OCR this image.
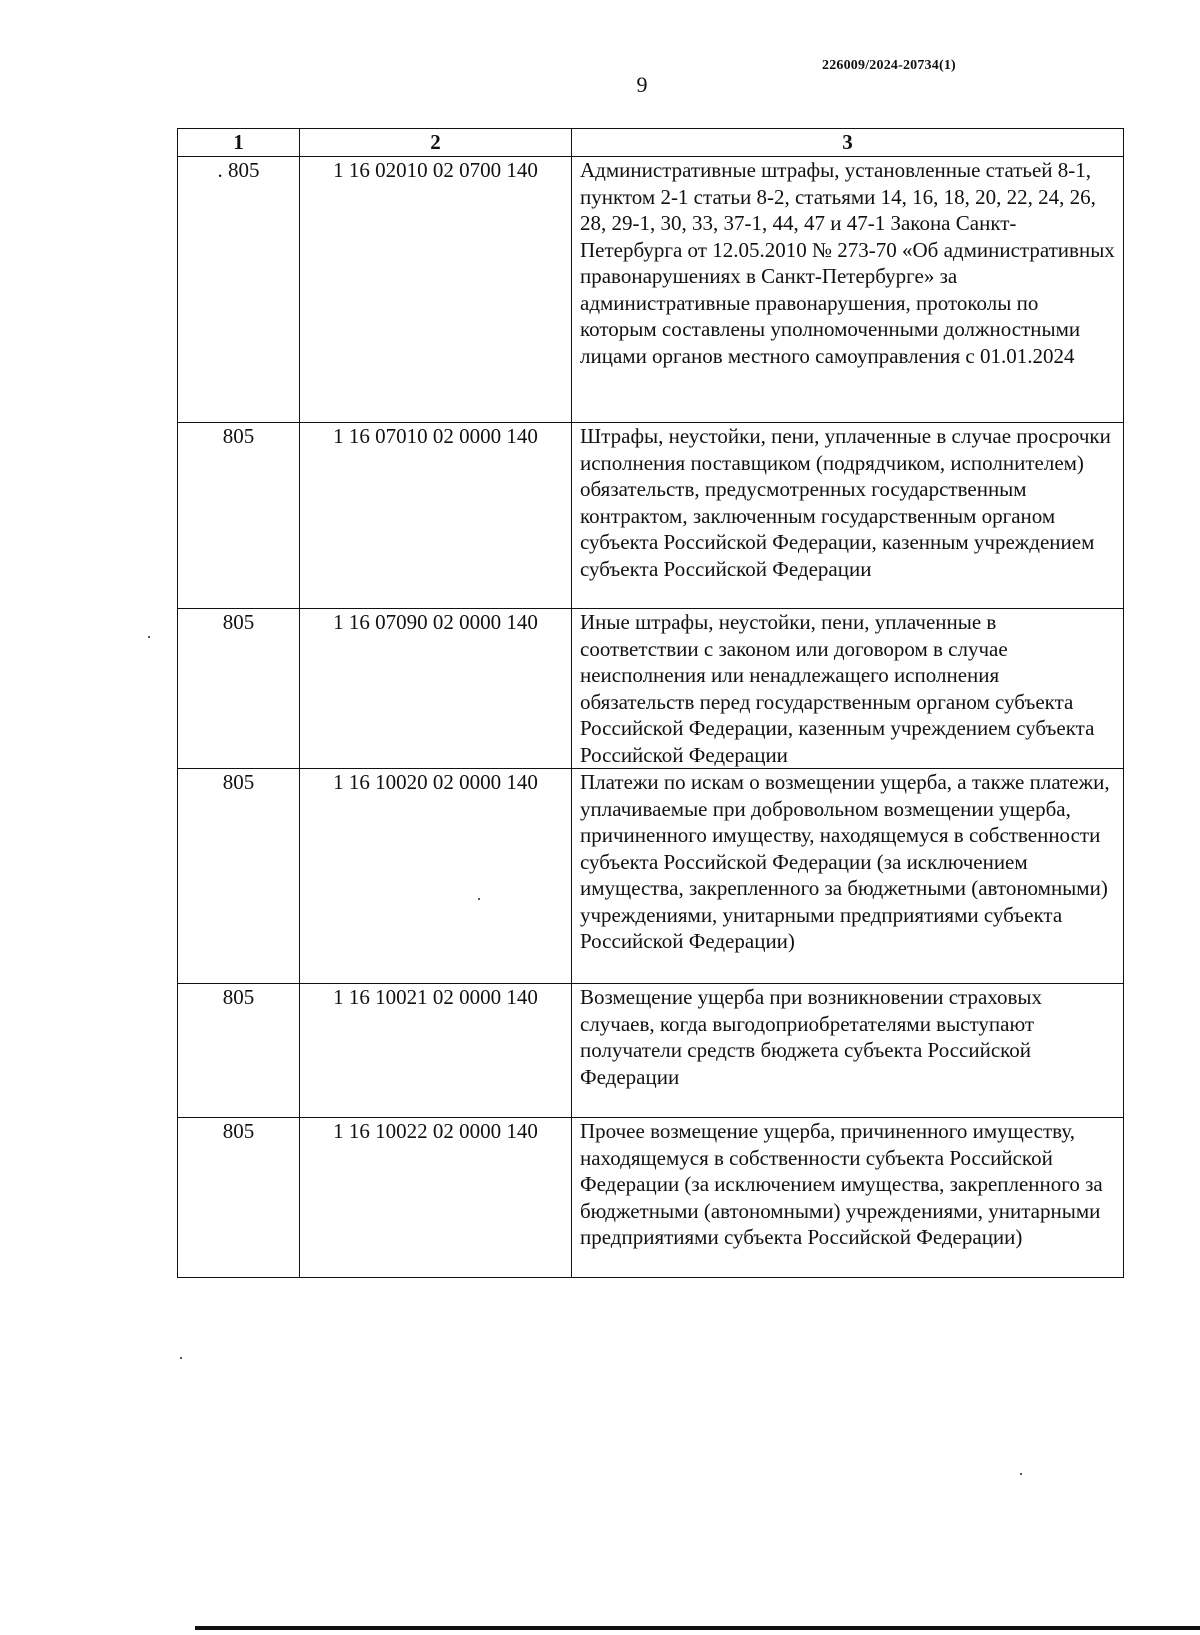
226009/2024-20734(1)
9
1	2	3
. 805	1 16 02010 02 0700 140	Административные штрафы, установленные статьей 8-1, пунктом 2-1 статьи 8-2, статьями 14, 16, 18, 20, 22, 24, 26, 28, 29-1, 30, 33, 37-1, 44, 47 и 47-1 Закона Санкт-Петербурга от 12.05.2010 № 273-70 «Об административных правонарушениях в Санкт-Петербурге» за административные правонарушения, протоколы по которым составлены уполномоченными должностными лицами органов местного самоуправления с 01.01.2024
805	1 16 07010 02 0000 140	Штрафы, неустойки, пени, уплаченные в случае просрочки исполнения поставщиком (подрядчиком, исполнителем) обязательств, предусмотренных государственным контрактом, заключенным государственным органом субъекта Российской Федерации, казенным учреждением субъекта Российской Федерации
805	1 16 07090 02 0000 140	Иные штрафы, неустойки, пени, уплаченные в соответствии с законом или договором в случае неисполнения или ненадлежащего исполнения обязательств перед государственным органом субъекта Российской Федерации, казенным учреждением субъекта Российской Федерации
805	1 16 10020 02 0000 140	Платежи по искам о возмещении ущерба, а также платежи, уплачиваемые при добровольном возмещении ущерба, причиненного имуществу, находящемуся в собственности субъекта Российской Федерации (за исключением имущества, закрепленного за бюджетными (автономными) учреждениями, унитарными предприятиями субъекта Российской Федерации)
805	1 16 10021 02 0000 140	Возмещение ущерба при возникновении страховых случаев, когда выгодоприобретателями выступают получатели средств бюджета субъекта Российской Федерации
805	1 16 10022 02 0000 140	Прочее возмещение ущерба, причиненного имуществу, находящемуся в собственности субъекта Российской Федерации (за исключением имущества, закрепленного за бюджетными (автономными) учреждениями, унитарными предприятиями субъекта Российской Федерации)
